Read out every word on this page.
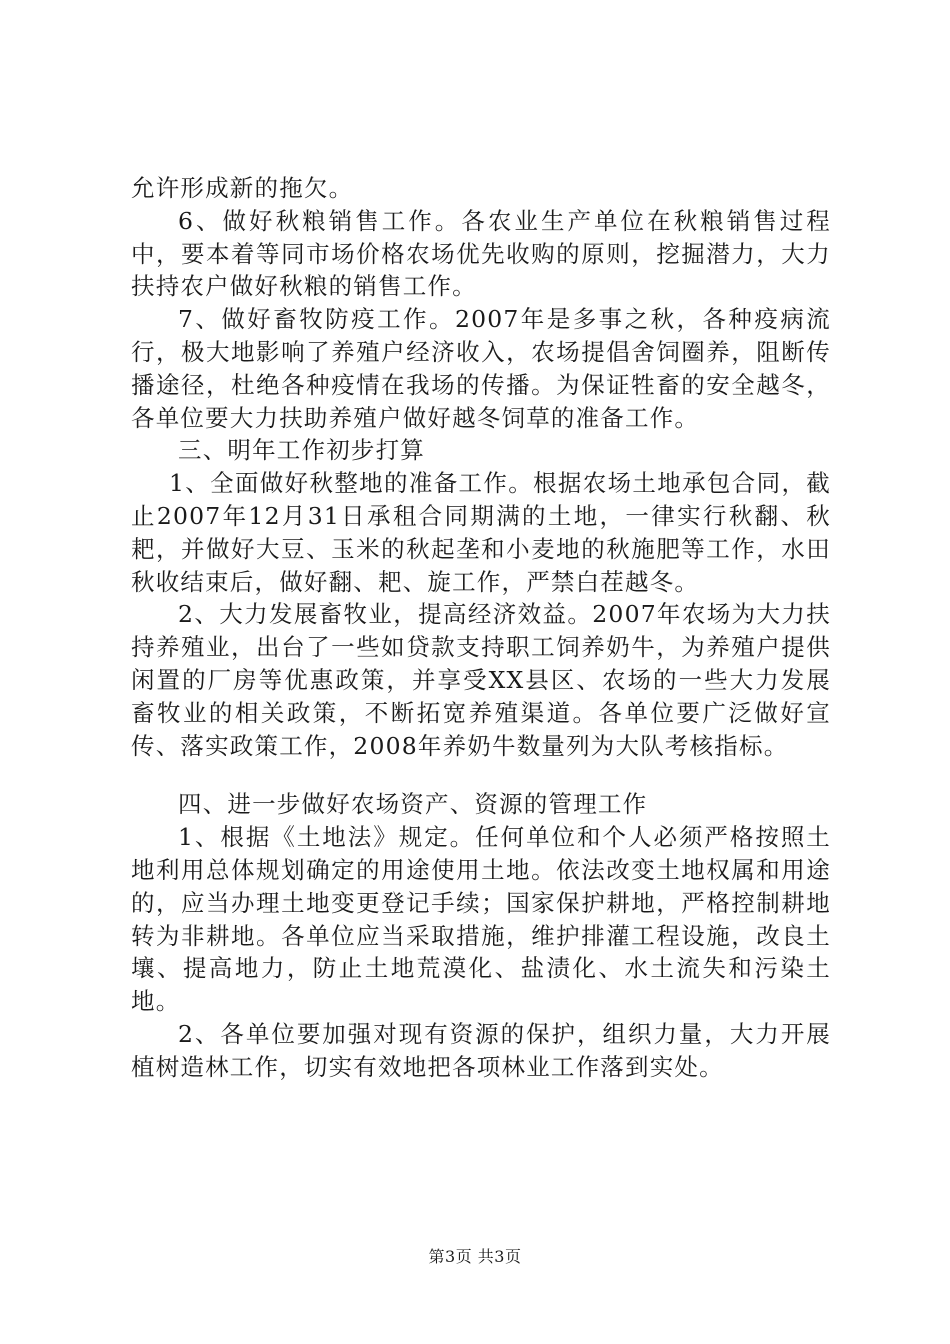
允许形成新的拖欠。

6、做好秋粮销售工作。各农业生产单位在秋粮销售过程中，要本着等同市场价格农场优先收购的原则，挖掘潜力，大力扶持农户做好秋粮的销售工作。

7、做好畜牧防疫工作。2007年是多事之秋，各种疫病流行，极大地影响了养殖户经济收入，农场提倡舍饲圈养，阻断传播途径，杜绝各种疫情在我场的传播。为保证牲畜的安全越冬，各单位要大力扶助养殖户做好越冬饲草的准备工作。

三、明年工作初步打算

1、全面做好秋整地的准备工作。根据农场土地承包合同，截止2007年12月31日承租合同期满的土地，一律实行秋翻、秋耙，并做好大豆、玉米的秋起垄和小麦地的秋施肥等工作，水田秋收结束后，做好翻、耙、旋工作，严禁白茬越冬。

2、大力发展畜牧业，提高经济效益。2007年农场为大力扶持养殖业，出台了一些如贷款支持职工饲养奶牛，为养殖户提供闲置的厂房等优惠政策，并享受XX县区、农场的一些大力发展畜牧业的相关政策，不断拓宽养殖渠道。各单位要广泛做好宣传、落实政策工作，2008年养奶牛数量列为大队考核指标。

四、进一步做好农场资产、资源的管理工作

1、根据《土地法》规定。任何单位和个人必须严格按照土地利用总体规划确定的用途使用土地。依法改变土地权属和用途的，应当办理土地变更登记手续；国家保护耕地，严格控制耕地转为非耕地。各单位应当采取措施，维护排灌工程设施，改良土壤、提高地力，防止土地荒漠化、盐渍化、水土流失和污染土地。

2、各单位要加强对现有资源的保护，组织力量，大力开展植树造林工作，切实有效地把各项林业工作落到实处。

第3页 共3页
